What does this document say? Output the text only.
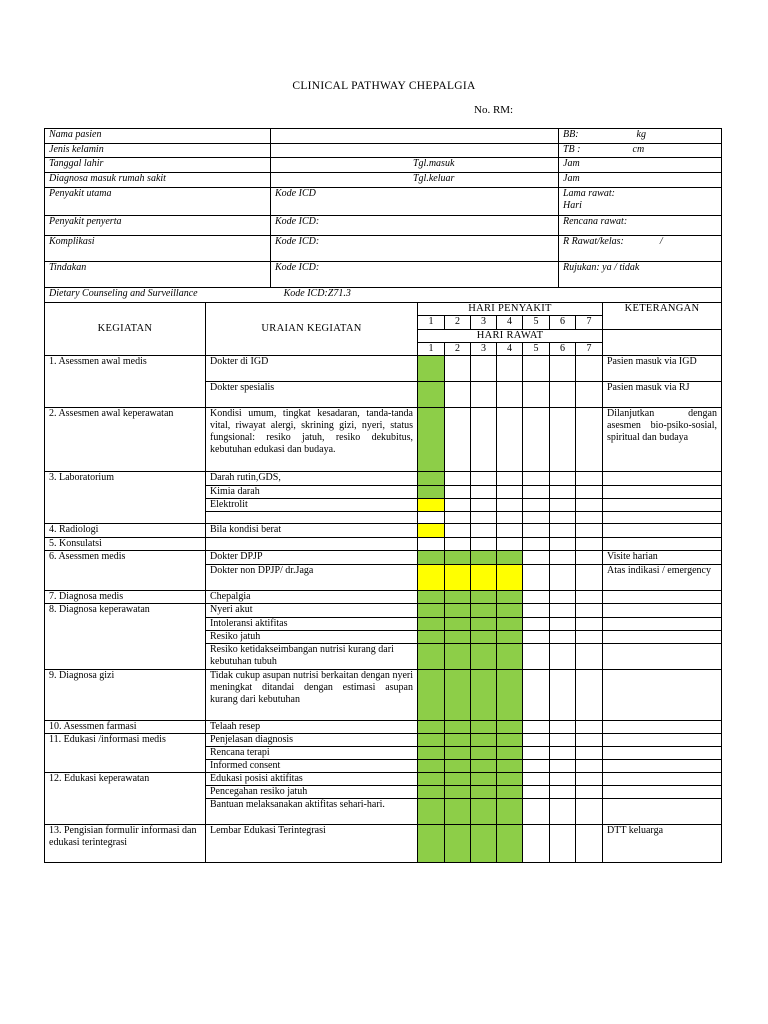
CLINICAL PATHWAY CHEPALGIA
No. RM:
Nama pasien		BB: kg
Jenis kelamin		TB : cm
Tanggal lahir	Tgl.masuk	Jam
Diagnosa masuk rumah sakit	Tgl.keluar	Jam
Penyakit utama	Kode ICD	Lama rawat:
Hari

Penyakit penyerta	Kode ICD:	Rencana rawat:
Komplikasi	Kode ICD:	R Rawat/kelas: /
Tindakan	Kode ICD:	Rujukan: ya / tidak
Dietary Counseling and Surveillance Kode ICD:Z71.3		
KEGIATAN	URAIAN KEGIATAN	HARI PENYAKIT							KETERANGAN
		1	2	3	4	5	6	7	
		HARI RAWAT							
		1	2	3	4	5	6	7	
1. Asessmen awal medis	Dokter di IGD								Pasien masuk via IGD
	Dokter spesialis								Pasien masuk via RJ
2. Assesmen awal keperawatan	Kondisi umum, tingkat kesadaran, tanda-tanda vital, riwayat alergi, skrining gizi, nyeri, status fungsional: resiko jatuh, resiko dekubitus, kebutuhan edukasi dan budaya.								Dilanjutkan dengan asesmen bio-psiko-sosial, spiritual dan budaya
3. Laboratorium	Darah rutin,GDS,								
	Kimia darah								
	Elektrolit								

4. Radiologi	Bila kondisi berat								
5. Konsulatsi									
6. Asessmen medis	Dokter DPJP								Visite harian
	Dokter non DPJP/ dr.Jaga								Atas indikasi / emergency
7. Diagnosa medis	Chepalgia								
8. Diagnosa keperawatan	Nyeri akut								
	Intoleransi aktifitas								
	Resiko jatuh								
	Resiko ketidakseimbangan nutrisi kurang dari kebutuhan tubuh								
9. Diagnosa gizi	Tidak cukup asupan nutrisi berkaitan dengan nyeri meningkat ditandai dengan estimasi asupan kurang dari kebutuhan								
10. Asessmen farmasi	Telaah resep								
11. Edukasi /informasi medis	Penjelasan diagnosis								
	Rencana terapi								
	Informed consent								
12. Edukasi keperawatan	Edukasi posisi aktifitas								
	Pencegahan resiko jatuh								
	Bantuan melaksanakan aktifitas sehari-hari.								
13. Pengisian formulir informasi dan edukasi terintegrasi	Lembar Edukasi Terintegrasi								DTT keluarga
